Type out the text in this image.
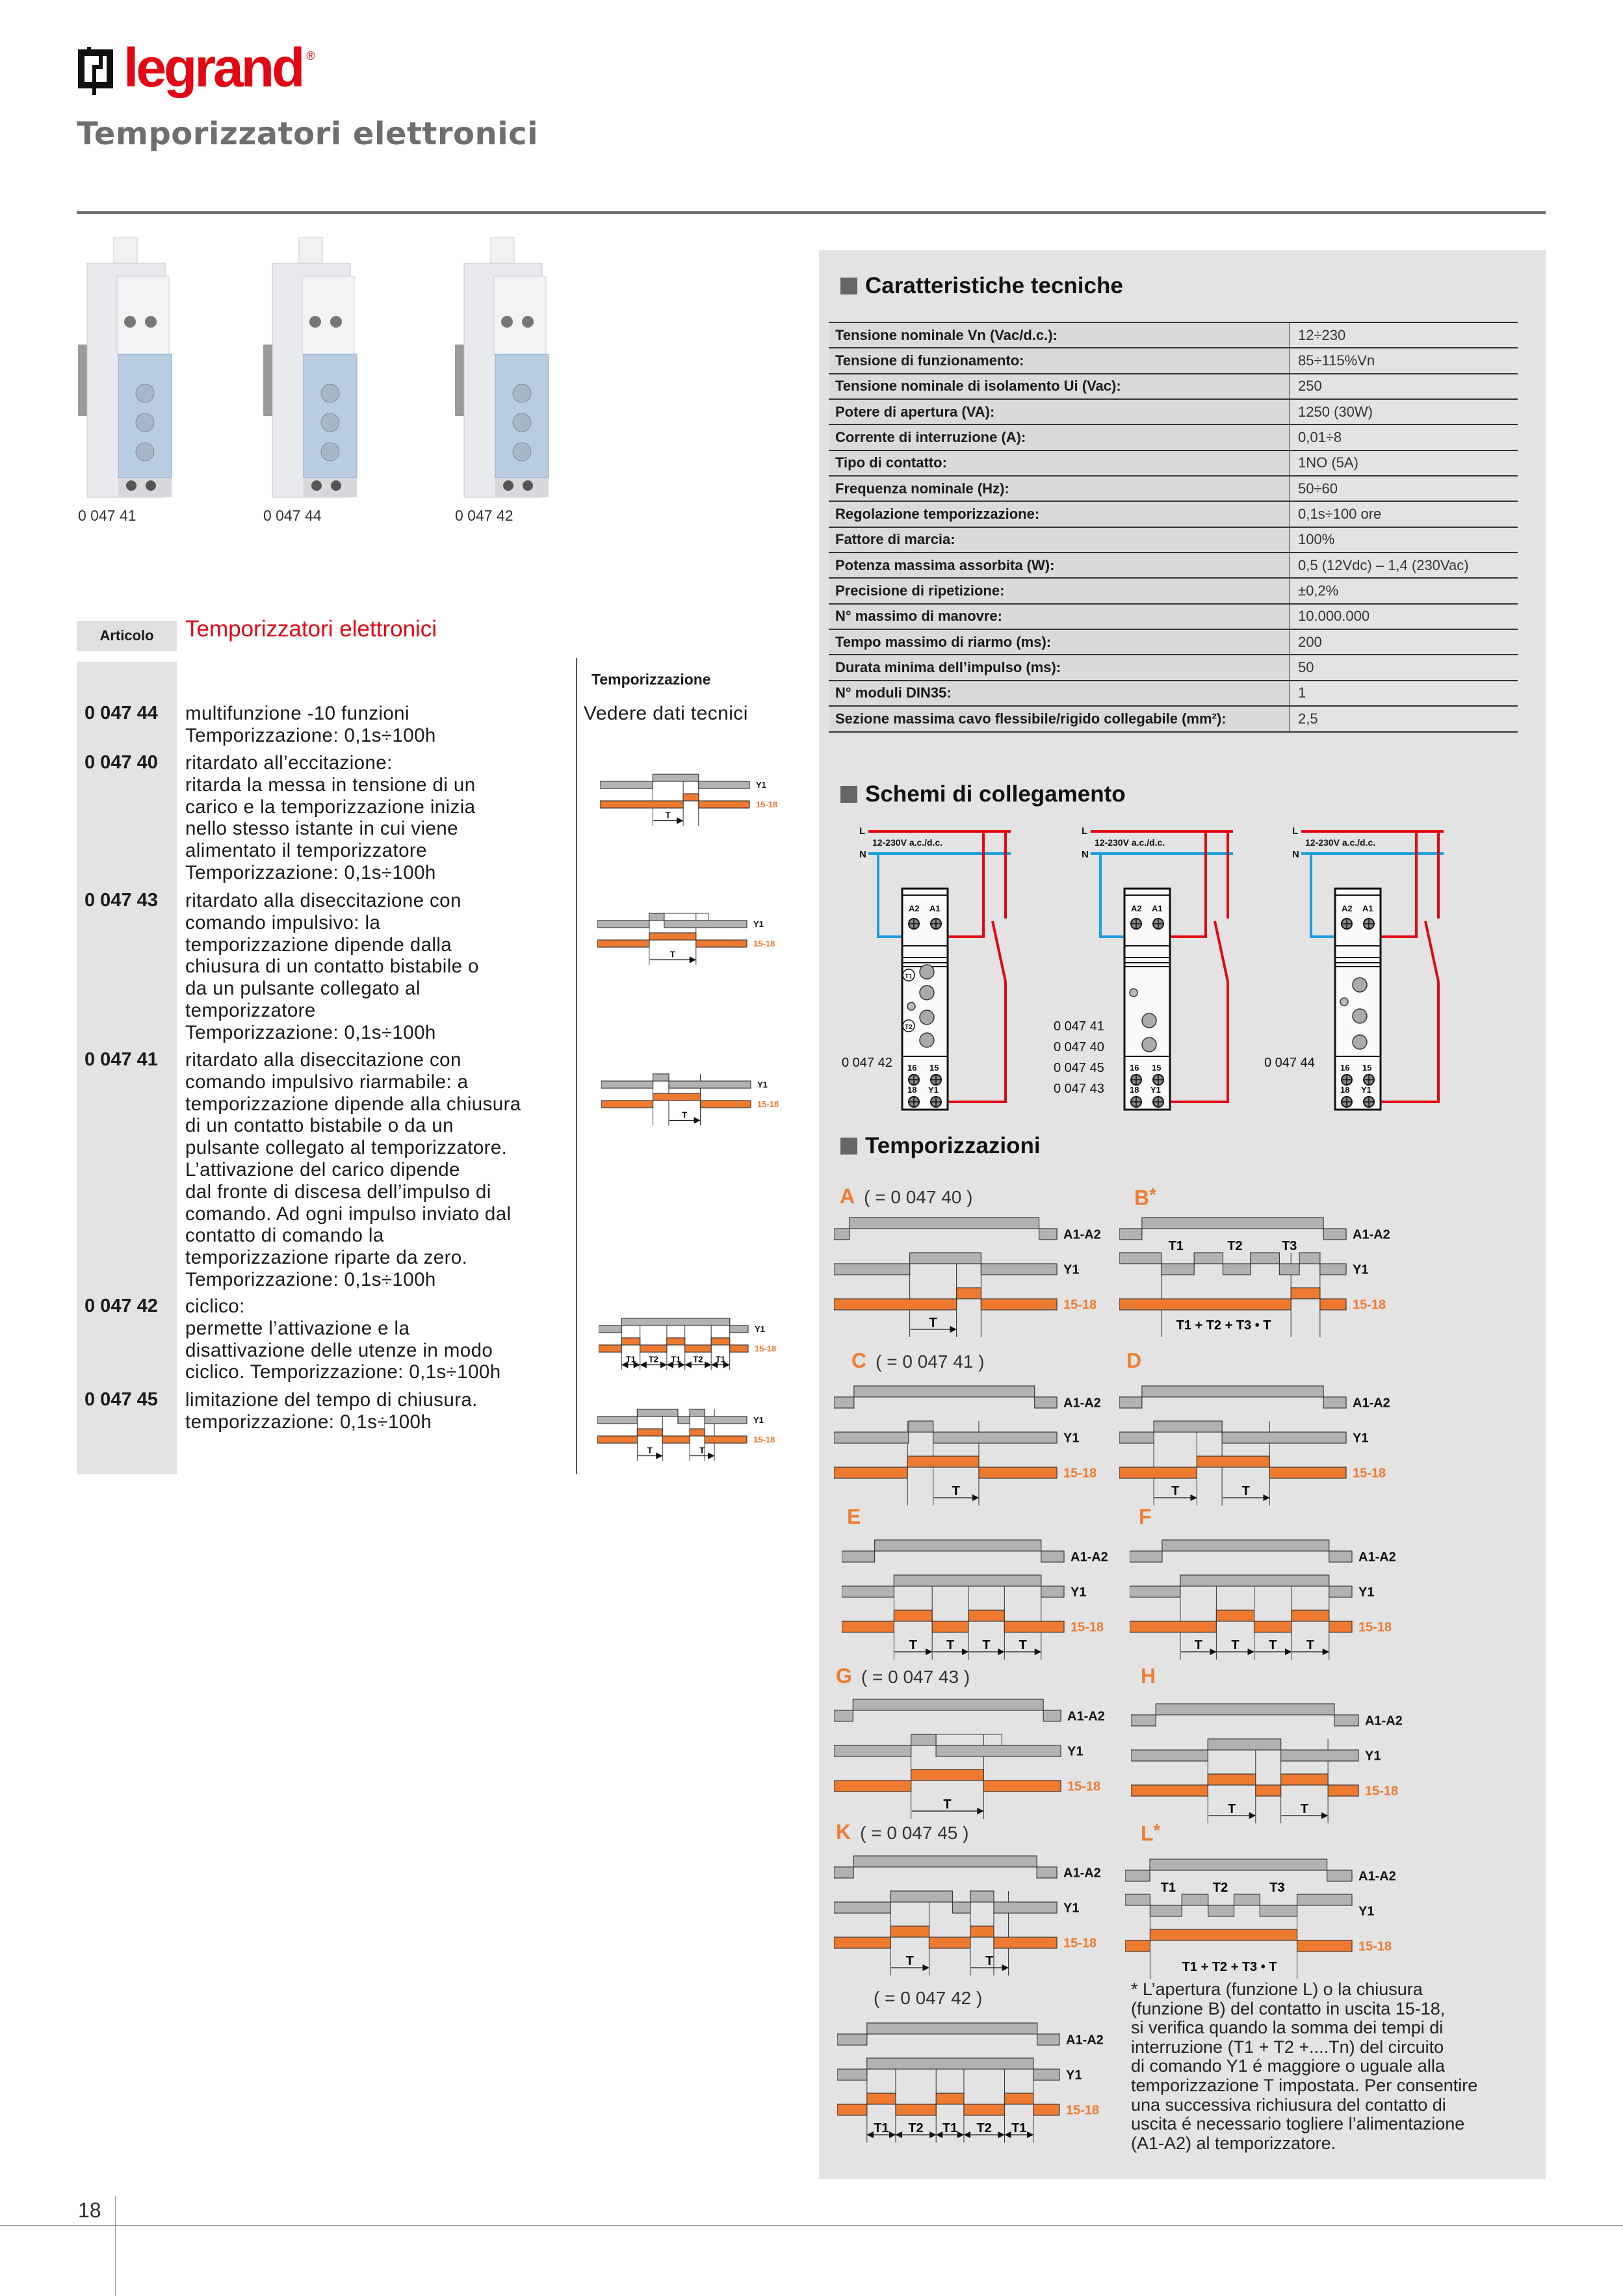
legrand ®
Temporizzatori elettronici
0 047 41	0 047 44	0 047 42
Articolo	Temporizzatori elettronici
Temporizzazione
Vedere dati tecnici
0 047 44	multifunzione -10 funzioni
Temporizzazione: 0,1s÷100h
0 047 40	ritardato all’eccitazione:
ritarda la messa in tensione di un
carico e la temporizzazione inizia
nello stesso istante in cui viene
alimentato il temporizzatore
Temporizzazione: 0,1s÷100h
0 047 43	ritardato alla diseccitazione con
comando impulsivo: la
temporizzazione dipende dalla
chiusura di un contatto bistabile o
da un pulsante collegato al
temporizzatore
Temporizzazione: 0,1s÷100h
0 047 41	ritardato alla diseccitazione con
comando impulsivo riarmabile: a
temporizzazione dipende alla chiusura
di un contatto bistabile o da un
pulsante collegato al temporizzatore.
L’attivazione del carico dipende
dal fronte di discesa dell’impulso di
comando. Ad ogni impulso inviato dal
contatto di comando la
temporizzazione riparte da zero.
Temporizzazione: 0,1s÷100h
0 047 42	ciclico:
permette l’attivazione e la
disattivazione delle utenze in modo
ciclico. Temporizzazione: 0,1s÷100h
0 047 45	limitazione del tempo di chiusura.
temporizzazione: 0,1s÷100h
Caratteristiche tecniche
Tensione nominale Vn (Vac/d.c.):	12÷230
Tensione di funzionamento:	85÷115%Vn
Tensione nominale di isolamento Ui (Vac):	250
Potere di apertura (VA):	1250 (30W)
Corrente di interruzione (A):	0,01÷8
Tipo di contatto:	1NO (5A)
Frequenza nominale (Hz):	50÷60
Regolazione temporizzazione:	0,1s÷100 ore
Fattore di marcia:	100%
Potenza massima assorbita (W):	0,5 (12Vdc) – 1,4 (230Vac)
Precisione di ripetizione:	±0,2%
N° massimo di manovre:	10.000.000
Tempo massimo di riarmo (ms):	200
Durata minima dell’impulso (ms):	50
N° moduli DIN35:	1
Sezione massima cavo flessibile/rigido collegabile (mm²):	2,5
Schemi di collegamento
L
N
12-230V a.c./d.c.
A2 A1
16 15
18 Y1
T1
T2
0 047 42
L
N
12-230V a.c./d.c.
A2 A1
16 15
18 Y1
0 047 41
0 047 40
0 047 45
0 047 43
L
N
12-230V a.c./d.c.
A2 A1
16 15
18 Y1
0 047 44
Temporizzazioni
A ( = 0 047 40 )
A1-A2
Y1
15-18
T
B*
A1-A2
Y1
15-18
T1	T2	T3
T1 + T2 + T3 • T
C ( = 0 047 41 )
A1-A2
Y1
15-18
T
D
A1-A2
Y1
15-18
T	T
E
A1-A2
Y1
15-18
T T T T
F
A1-A2
Y1
15-18
T T T T
G ( = 0 047 43 )
A1-A2
Y1
15-18
T
H
A1-A2
Y1
15-18
T	T
K ( = 0 047 45 )
A1-A2
Y1
15-18
T	T
L*
A1-A2
Y1
15-18
T1	T2	T3
T1 + T2 + T3 • T
( = 0 047 42 )
A1-A2
Y1
15-18
T1 T2 T1 T2 T1
Y1
15-18
T
Y1
15-18
T
Y1
15-18
T
Y1
15-18
T1 T2 T1 T2 T1
Y1
15-18
T	T
* L’apertura (funzione L) o la chiusura
(funzione B) del contatto in uscita 15-18,
si verifica quando la somma dei tempi di
interruzione (T1 + T2 +....Tn) del circuito
di comando Y1 é maggiore o uguale alla
temporizzazione T impostata. Per consentire
una successiva richiusura del contatto di
uscita é necessario togliere l’alimentazione
(A1-A2) al temporizzatore.
18
